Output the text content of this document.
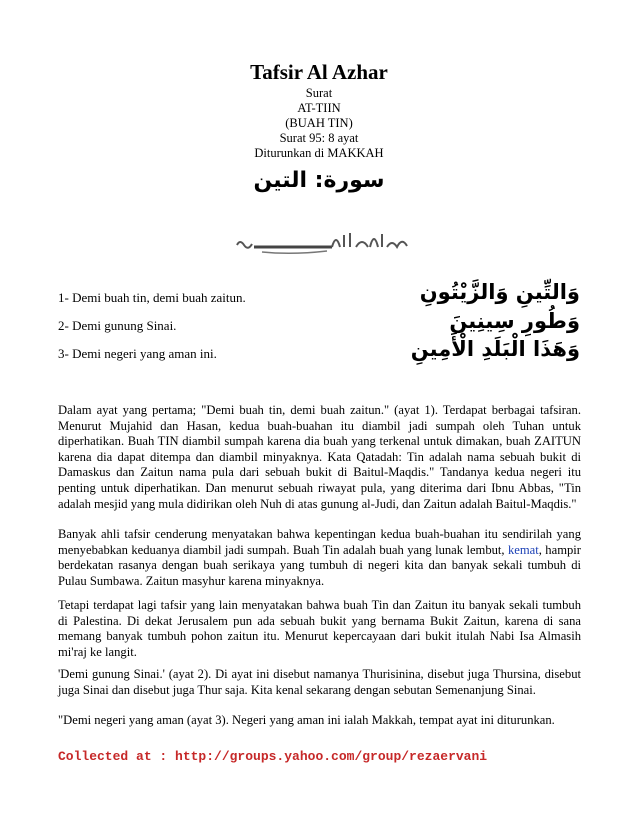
Tafsir Al Azhar
Surat
AT-TIIN
(BUAH TIN)
Surat 95: 8 ayat
Diturunkan di MAKKAH
سورة: التين
1- Demi buah tin, demi buah zaitun.	وَالتِّينِ وَالزَّيْتُونِ
2- Demi gunung Sinai.	وَطُورِ سِينِينَ
3- Demi negeri yang aman ini.	وَهَذَا الْبَلَدِ الْأَمِينِ

Dalam ayat yang pertama; "Demi buah tin, demi buah zaitun." (ayat 1). Terdapat berbagai tafsiran. Menurut Mujahid dan Hasan, kedua buah-buahan itu diambil jadi sumpah oleh Tuhan untuk diperhatikan. Buah TIN diambil sumpah karena dia buah yang terkenal untuk dimakan, buah ZAITUN karena dia dapat ditempa dan diambil minyaknya. Kata Qatadah: Tin adalah nama sebuah bukit di Damaskus dan Zaitun nama pula dari sebuah bukit di Baitul-Maqdis." Tandanya kedua negeri itu penting untuk diperhatikan. Dan menurut sebuah riwayat pula, yang diterima dari Ibnu Abbas, "Tin adalah mesjid yang mula didirikan oleh Nuh di atas gunung al-Judi, dan Zaitun adalah Baitul-Maqdis."

Banyak ahli tafsir cenderung menyatakan bahwa kepentingan kedua buah-buahan itu sendirilah yang menyebabkan keduanya diambil jadi sumpah. Buah Tin adalah buah yang lunak lembut, kemat, hampir berdekatan rasanya dengan buah serikaya yang tumbuh di negeri kita dan banyak sekali tumbuh di Pulau Sumbawa. Zaitun masyhur karena minyaknya.

Tetapi terdapat lagi tafsir yang lain menyatakan bahwa buah Tin dan Zaitun itu banyak sekali tumbuh di Palestina. Di dekat Jerusalem pun ada sebuah bukit yang bernama Bukit Zaitun, karena di sana memang banyak tumbuh pohon zaitun itu. Menurut kepercayaan dari bukit itulah Nabi Isa Almasih mi'raj ke langit.

'Demi gunung Sinai.' (ayat 2). Di ayat ini disebut namanya Thurisinina, disebut juga Thursina, disebut juga Sinai dan disebut juga Thur saja. Kita kenal sekarang dengan sebutan Semenanjung Sinai.

"Demi negeri yang aman (ayat 3). Negeri yang aman ini ialah Makkah, tempat ayat ini diturunkan.

Collected at : http://groups.yahoo.com/group/rezaervani
